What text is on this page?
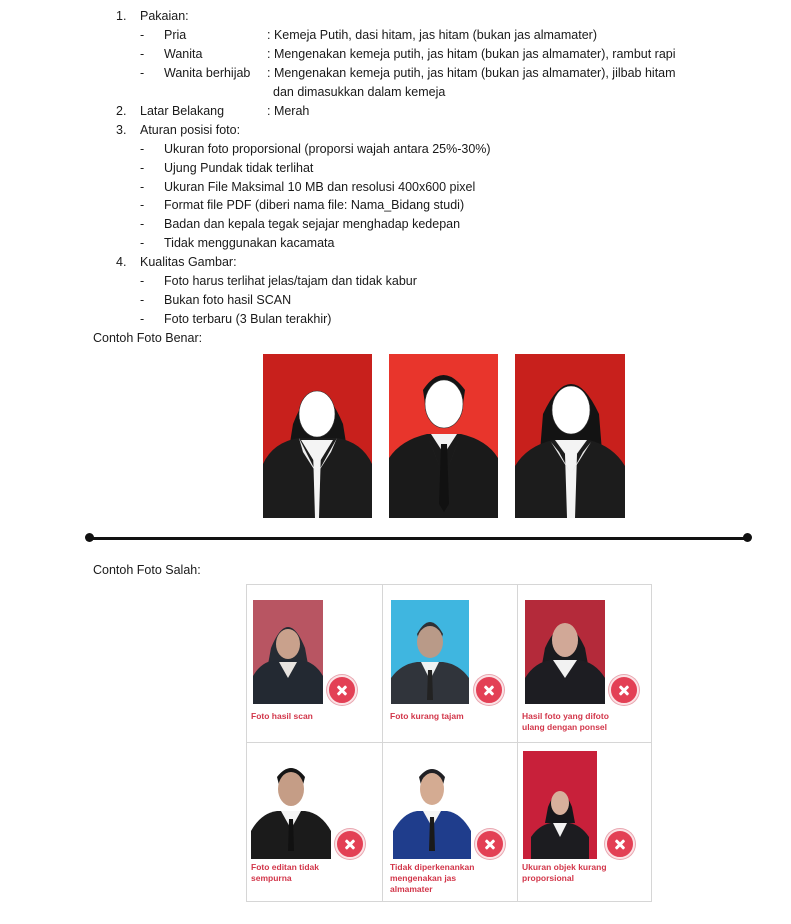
1. Pakaian:
- Pria	: Kemeja Putih, dasi hitam, jas hitam (bukan jas almamater)
- Wanita	: Mengenakan kemeja putih, jas hitam (bukan jas almamater), rambut rapi
- Wanita berhijab : Mengenakan kemeja putih, jas hitam (bukan jas almamater), jilbab hitam
dan dimasukkan dalam kemeja
2. Latar Belakang	: Merah
3. Aturan posisi foto:
- Ukuran foto proporsional (proporsi wajah antara 25%-30%)
- Ujung Pundak tidak terlihat
- Ukuran File Maksimal 10 MB dan resolusi 400x600 pixel
- Format file PDF (diberi nama file: Nama_Bidang studi)
- Badan dan kepala tegak sejajar menghadap kedepan
- Tidak menggunakan kacamata
4. Kualitas Gambar:
- Foto harus terlihat jelas/tajam dan tidak kabur
- Bukan foto hasil SCAN
- Foto terbaru (3 Bulan terakhir)
Contoh Foto Benar:
Contoh Foto Salah:
Foto hasil scan	Foto kurang tajam	Hasil foto yang difoto
ulang dengan ponsel
Foto editan tidak
sempurna
Tidak diperkenankan
mengenakan jas
almamater
Ukuran objek kurang
proporsional
